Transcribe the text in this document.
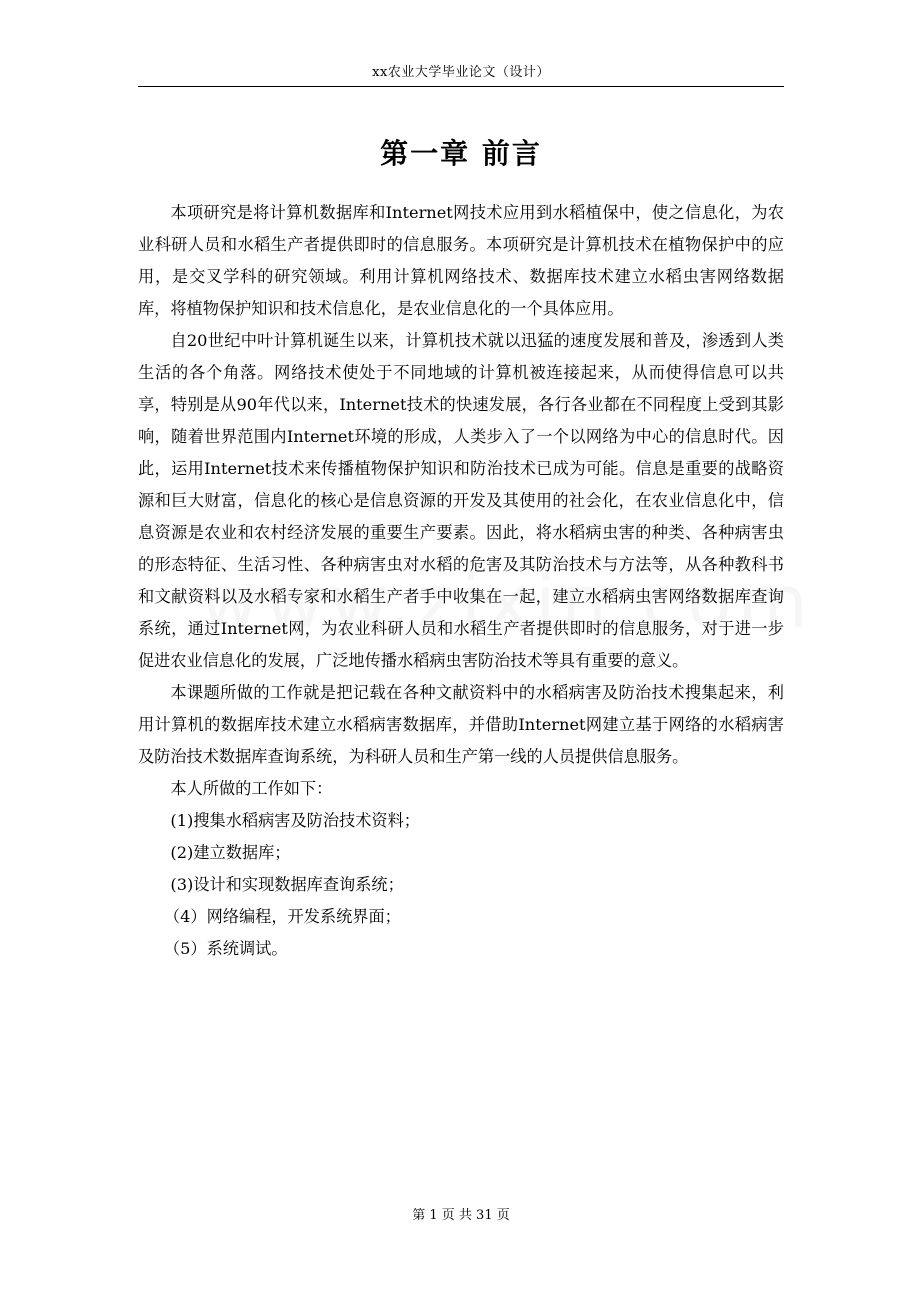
xx农业大学毕业论文（设计）
第一章 前言

本项研究是将计算机数据库和Internet网技术应用到水稻植保中，使之信息化，为农业科研人员和水稻生产者提供即时的信息服务。本项研究是计算机技术在植物保护中的应用，是交叉学科的研究领域。利用计算机网络技术、数据库技术建立水稻虫害网络数据库，将植物保护知识和技术信息化，是农业信息化的一个具体应用。

自20世纪中叶计算机诞生以来，计算机技术就以迅猛的速度发展和普及，渗透到人类生活的各个角落。网络技术使处于不同地域的计算机被连接起来，从而使得信息可以共享，特别是从90年代以来，Internet技术的快速发展，各行各业都在不同程度上受到其影响，随着世界范围内Internet环境的形成，人类步入了一个以网络为中心的信息时代。因此，运用Internet技术来传播植物保护知识和防治技术已成为可能。信息是重要的战略资源和巨大财富，信息化的核心是信息资源的开发及其使用的社会化，在农业信息化中，信息资源是农业和农村经济发展的重要生产要素。因此，将水稻病虫害的种类、各种病害虫的形态特征、生活习性、各种病害虫对水稻的危害及其防治技术与方法等，从各种教科书和文献资料以及水稻专家和水稻生产者手中收集在一起，建立水稻病虫害网络数据库查询系统，通过Internet网，为农业科研人员和水稻生产者提供即时的信息服务，对于进一步促进农业信息化的发展，广泛地传播水稻病虫害防治技术等具有重要的意义。

本课题所做的工作就是把记载在各种文献资料中的水稻病害及防治技术搜集起来，利用计算机的数据库技术建立水稻病害数据库，并借助Internet网建立基于网络的水稻病害及防治技术数据库查询系统，为科研人员和生产第一线的人员提供信息服务。

本人所做的工作如下：

(1)搜集水稻病害及防治技术资料；

(2)建立数据库；

(3)设计和实现数据库查询系统；

（4）网络编程，开发系统界面；

（5）系统调试。

第 1 页 共 31 页
